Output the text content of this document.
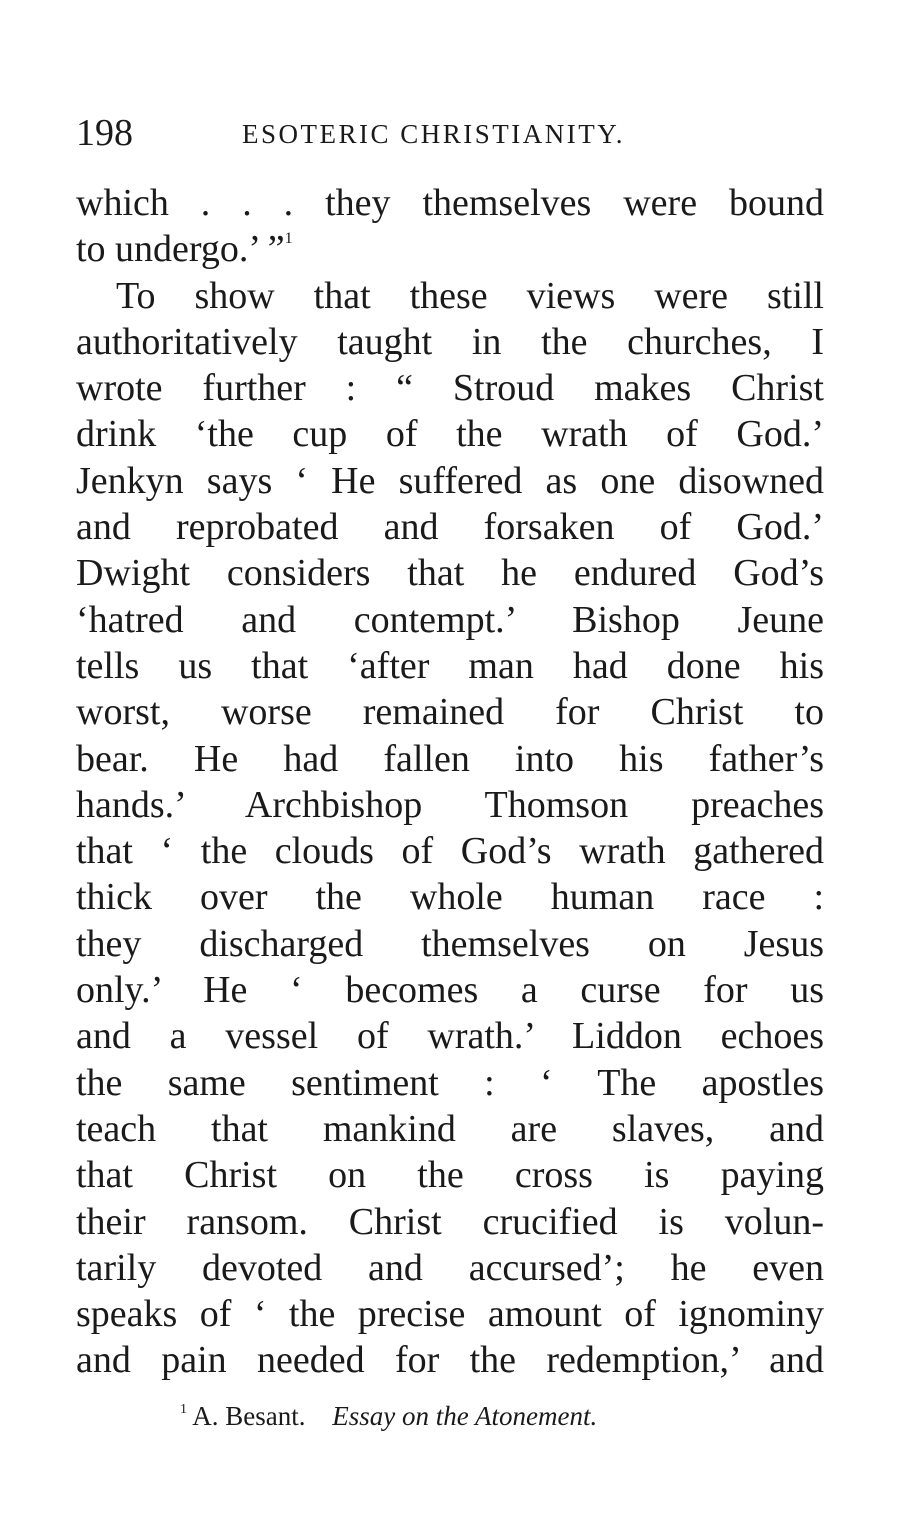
198	ESOTERIC CHRISTIANITY.
which . . . they themselves were bound
to undergo.’ ”$^1$
To show that these views were still
authoritatively taught in the churches, I
wrote further : “ Stroud makes Christ
drink ‘the cup of the wrath of God.’
Jenkyn says ‘ He suffered as one disowned
and reprobated and forsaken of God.’
Dwight considers that he endured God’s
‘hatred and contempt.’ Bishop Jeune
tells us that ‘after man had done his
worst, worse remained for Christ to
bear. He had fallen into his father’s
hands.’ Archbishop Thomson preaches
that ‘ the clouds of God’s wrath gathered
thick over the whole human race :
they discharged themselves on Jesus
only.’ He ‘ becomes a curse for us
and a vessel of wrath.’ Liddon echoes
the same sentiment : ‘ The apostles
teach that mankind are slaves, and
that Christ on the cross is paying
their ransom. Christ crucified is volun-
tarily devoted and accursed’; he even
speaks of ‘ the precise amount of ignominy
and pain needed for the redemption,’ and
$^1$ A. Besant. Essay on the Atonement.
